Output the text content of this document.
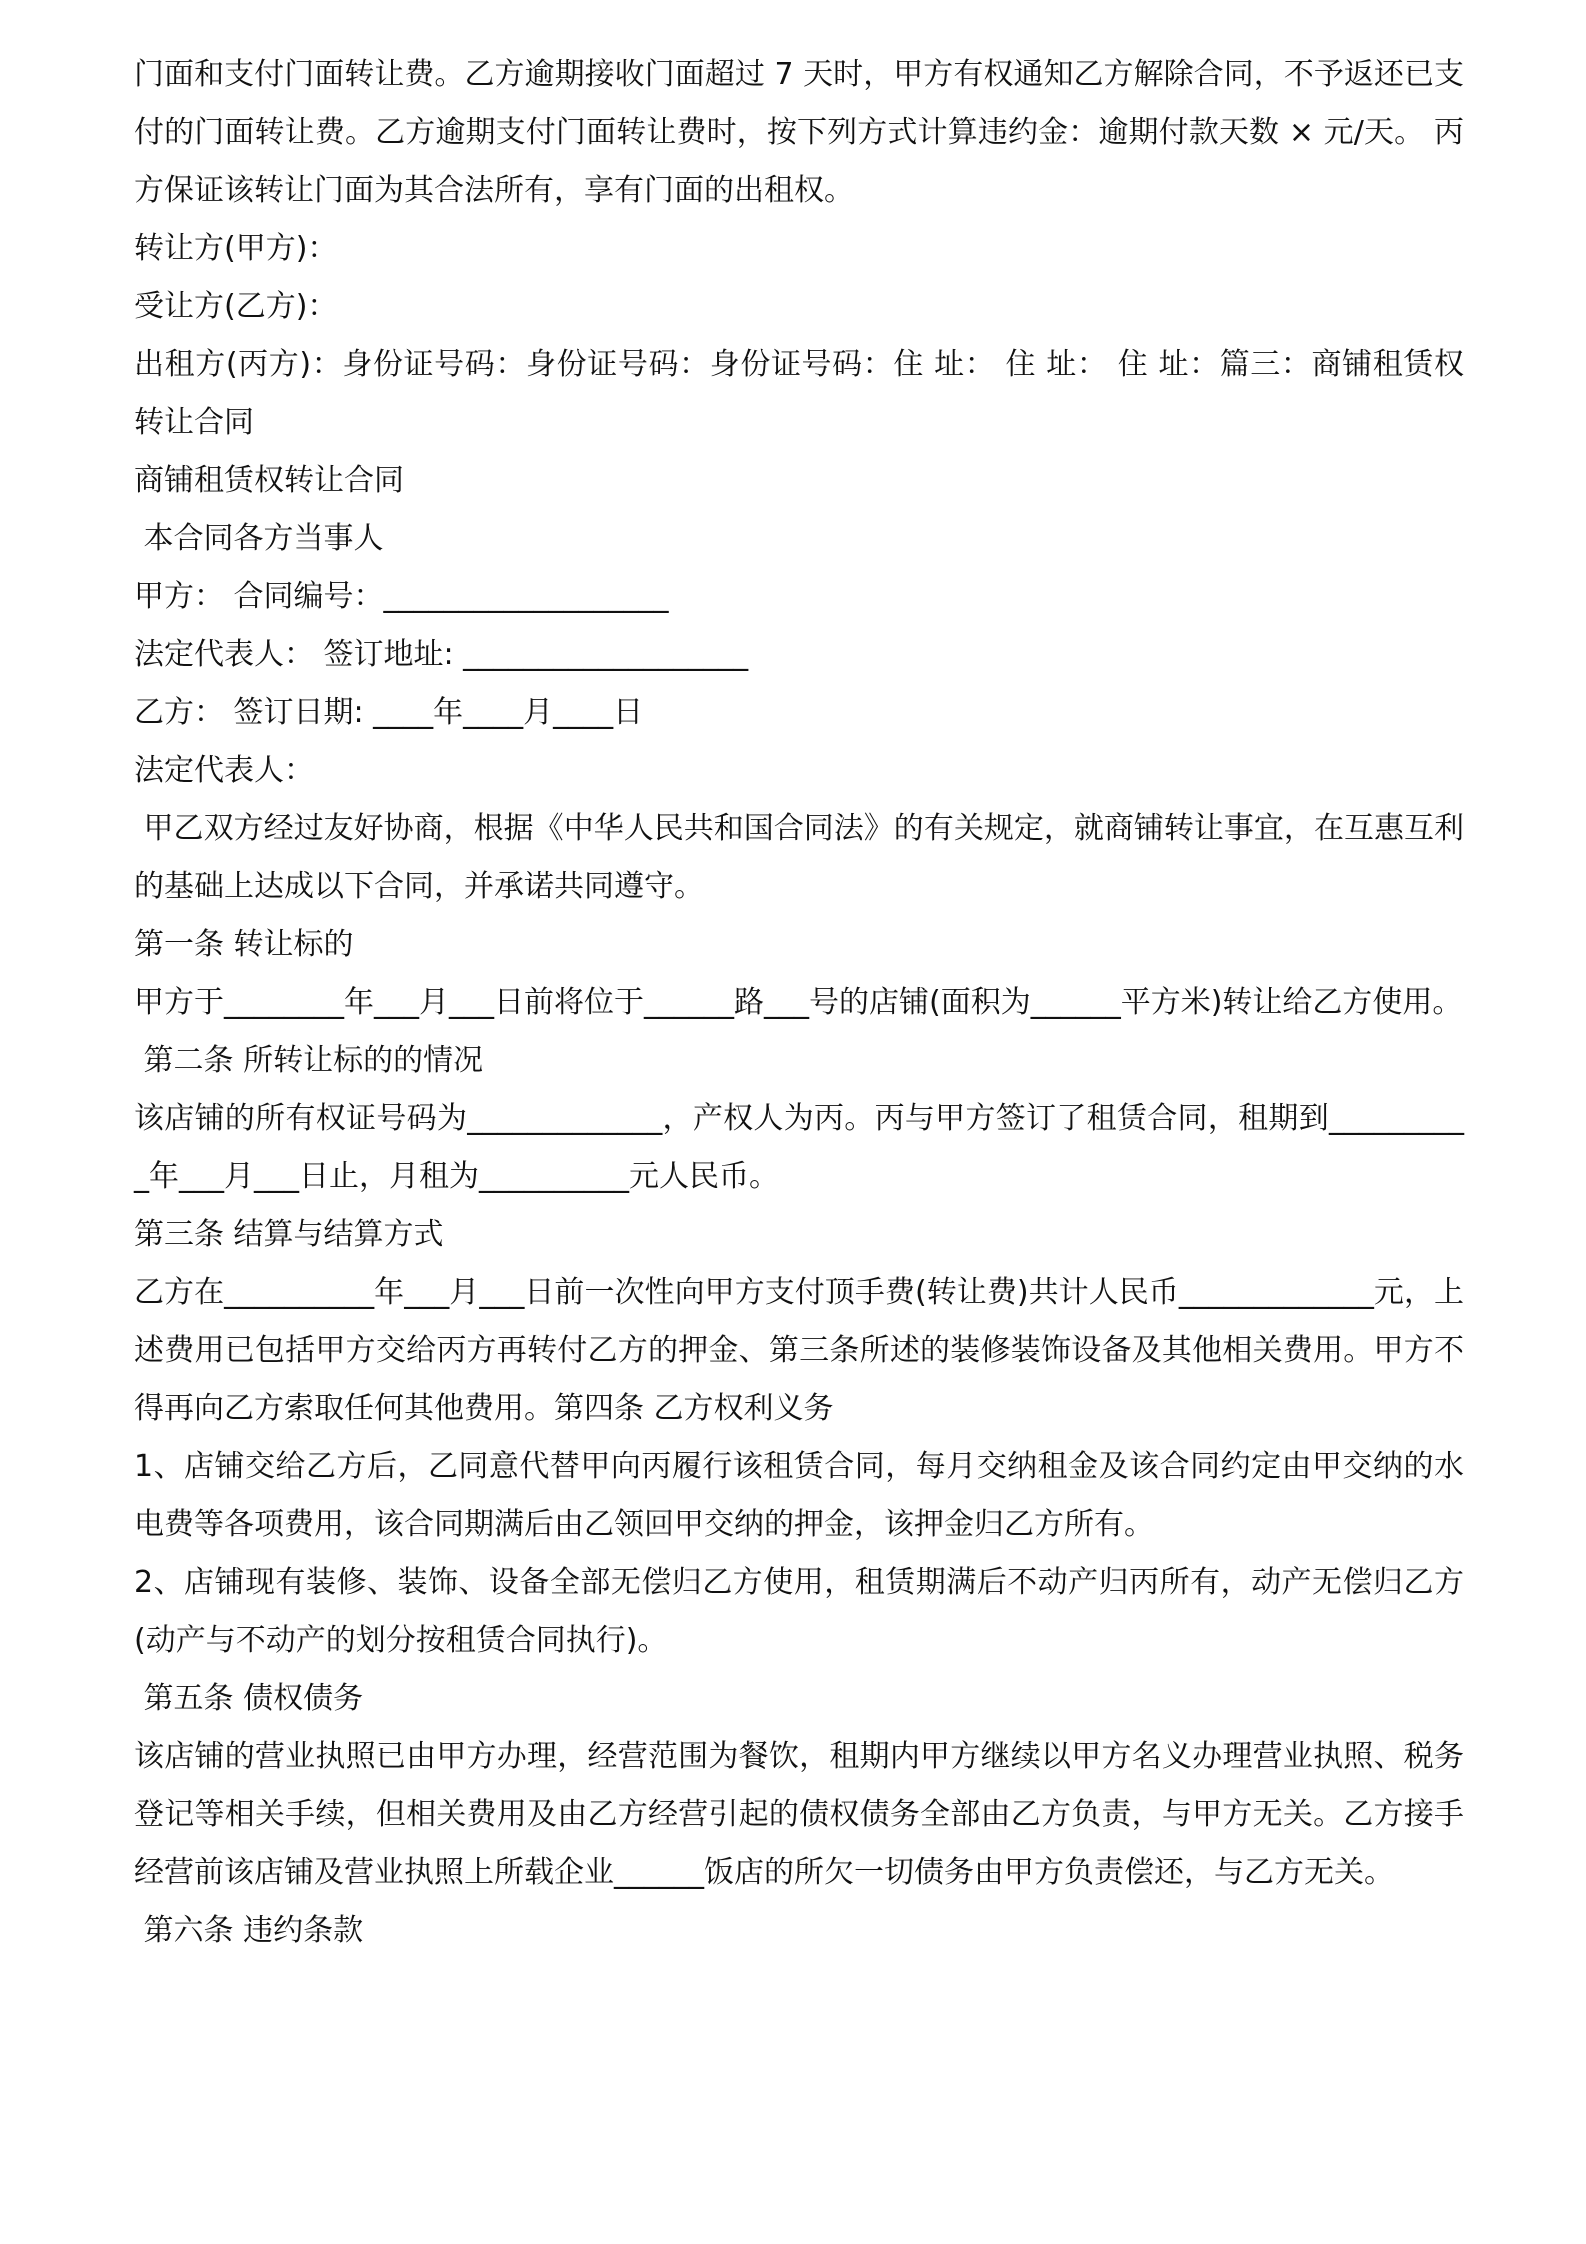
门面和支付门面转让费。乙方逾期接收门面超过 7 天时，甲方有权通知乙方解除合同，不予返还已支付的门面转让费。乙方逾期支付门面转让费时，按下列方式计算违约金：逾期付款天数 × 元/天。 丙方保证该转让门面为其合法所有，享有门面的出租权。

转让方(甲方)：

受让方(乙方)：

出租方(丙方)：身份证号码：身份证号码：身份证号码：住 址： 住 址： 住 址：篇三：商铺租赁权转让合同

商铺租赁权转让合同

本合同各方当事人

甲方： 合同编号：___________________

法定代表人： 签订地址: ___________________

乙方： 签订日期: ____年____月____日

法定代表人：

甲乙双方经过友好协商，根据《中华人民共和国合同法》的有关规定，就商铺转让事宜，在互惠互利的基础上达成以下合同，并承诺共同遵守。

第一条 转让标的

甲方于________年___月___日前将位于______路___号的店铺(面积为______平方米)转让给乙方使用。

第二条 所转让标的的情况

该店铺的所有权证号码为_____________，产权人为丙。丙与甲方签订了租赁合同，租期到__________年___月___日止，月租为__________元人民币。

第三条 结算与结算方式

乙方在__________年___月___日前一次性向甲方支付顶手费(转让费)共计人民币_____________元，上述费用已包括甲方交给丙方再转付乙方的押金、第三条所述的装修装饰设备及其他相关费用。甲方不得再向乙方索取任何其他费用。第四条 乙方权利义务

1、店铺交给乙方后，乙同意代替甲向丙履行该租赁合同，每月交纳租金及该合同约定由甲交纳的水电费等各项费用，该合同期满后由乙领回甲交纳的押金，该押金归乙方所有。

2、店铺现有装修、装饰、设备全部无偿归乙方使用，租赁期满后不动产归丙所有，动产无偿归乙方(动产与不动产的划分按租赁合同执行)。

第五条 债权债务

该店铺的营业执照已由甲方办理，经营范围为餐饮，租期内甲方继续以甲方名义办理营业执照、税务登记等相关手续，但相关费用及由乙方经营引起的债权债务全部由乙方负责，与甲方无关。乙方接手经营前该店铺及营业执照上所载企业______饭店的所欠一切债务由甲方负责偿还，与乙方无关。

第六条 违约条款
